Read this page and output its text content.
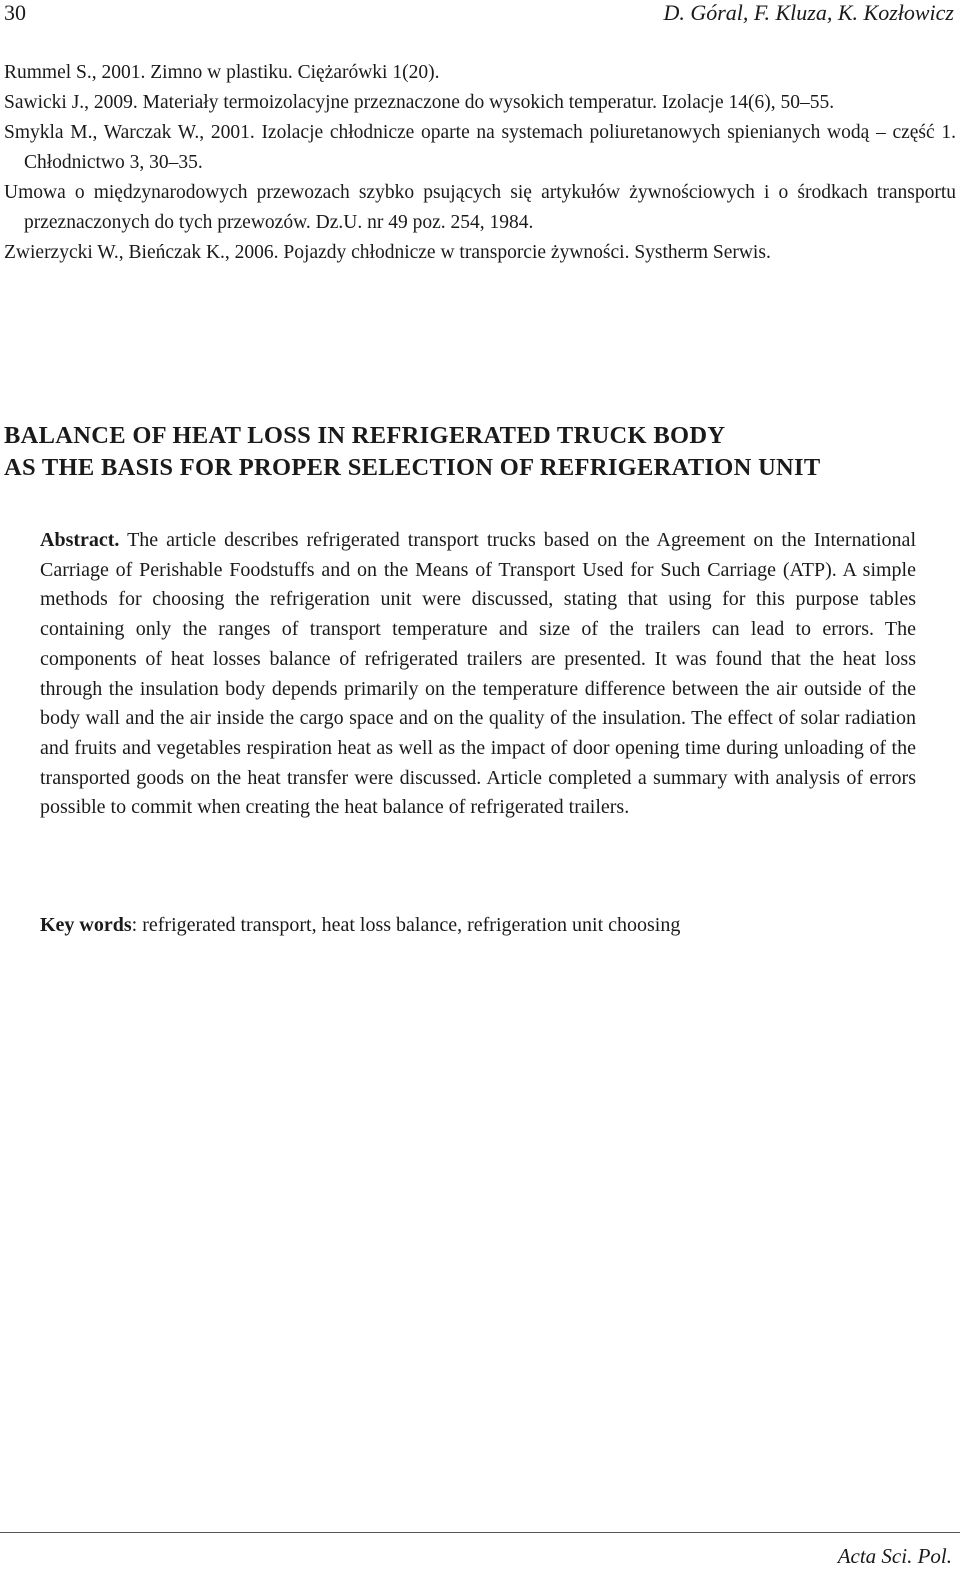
30	D. Góral, F. Kluza, K. Kozłowicz
Rummel S., 2001. Zimno w plastiku. Ciężarówki 1(20).
Sawicki J., 2009. Materiały termoizolacyjne przeznaczone do wysokich temperatur. Izolacje 14(6), 50–55.
Smykla M., Warczak W., 2001. Izolacje chłodnicze oparte na systemach poliuretanowych spienianych wodą – część 1. Chłodnictwo 3, 30–35.
Umowa o międzynarodowych przewozach szybko psujących się artykułów żywnościowych i o środkach transportu przeznaczonych do tych przewozów. Dz.U. nr 49 poz. 254, 1984.
Zwierzycki W., Bieńczak K., 2006. Pojazdy chłodnicze w transporcie żywności. Systherm Serwis.
BALANCE OF HEAT LOSS IN REFRIGERATED TRUCK BODY
AS THE BASIS FOR PROPER SELECTION OF REFRIGERATION UNIT
Abstract. The article describes refrigerated transport trucks based on the Agreement on the International Carriage of Perishable Foodstuffs and on the Means of Transport Used for Such Carriage (ATP). A simple methods for choosing the refrigeration unit were discussed, stating that using for this purpose tables containing only the ranges of transport temperature and size of the trailers can lead to errors. The components of heat losses balance of refrigerated trailers are presented. It was found that the heat loss through the insulation body depends primarily on the temperature difference between the air outside of the body wall and the air inside the cargo space and on the quality of the insulation. The effect of solar radiation and fruits and vegetables respiration heat as well as the impact of door opening time during unloading of the transported goods on the heat transfer were discussed. Article completed a summary with analysis of errors possible to commit when creating the heat balance of refrigerated trailers.
Key words: refrigerated transport, heat loss balance, refrigeration unit choosing
Acta Sci. Pol.
